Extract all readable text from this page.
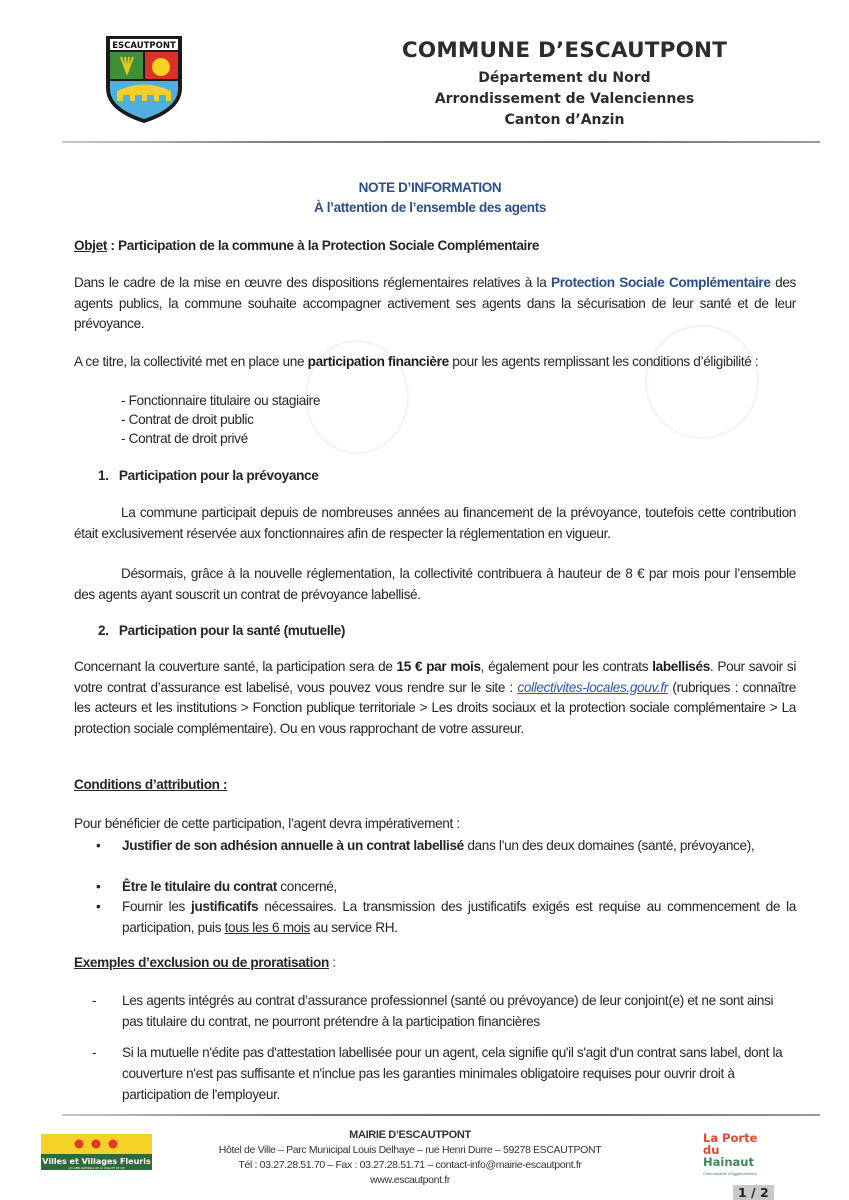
ESCAUTPONT	COMMUNE D’ESCAUTPONT
Département du Nord
Arrondissement de Valenciennes
Canton d’Anzin
NOTE D’INFORMATION
À l’attention de l’ensemble des agents
Objet : Participation de la commune à la Protection Sociale Complémentaire
Dans le cadre de la mise en œuvre des dispositions réglementaires relatives à la Protection Sociale Complémentaire des agents publics, la commune souhaite accompagner activement ses agents dans la sécurisation de leur santé et de leur prévoyance.
A ce titre, la collectivité met en place une participation financière pour les agents remplissant les conditions d’éligibilité :
- Fonctionnaire titulaire ou stagiaire
- Contrat de droit public
- Contrat de droit privé
1.   Participation pour la prévoyance
La commune participait depuis de nombreuses années au financement de la prévoyance, toutefois cette contribution était exclusivement réservée aux fonctionnaires afin de respecter la réglementation en vigueur.
Désormais, grâce à la nouvelle réglementation, la collectivité contribuera à hauteur de 8 € par mois pour l’ensemble des agents ayant souscrit un contrat de prévoyance labellisé.
2.   Participation pour la santé (mutuelle)
Concernant la couverture santé, la participation sera de 15 € par mois, également pour les contrats labellisés. Pour savoir si votre contrat d’assurance est labelisé, vous pouvez vous rendre sur le site : collectivites-locales.gouv.fr (rubriques : connaître les acteurs et les institutions > Fonction publique territoriale > Les droits sociaux et la protection sociale complémentaire > La protection sociale complémentaire). Ou en vous rapprochant de votre assureur.
Conditions d’attribution :
Pour bénéficier de cette participation, l’agent devra impérativement :
• Justifier de son adhésion annuelle à un contrat labellisé dans l’un des deux domaines (santé, prévoyance),
• Être le titulaire du contrat concerné,
• Fournir les justificatifs nécessaires. La transmission des justificatifs exigés est requise au commencement de la participation, puis tous les 6 mois au service RH.
Exemples d’exclusion ou de proratisation :
- Les agents intégrés au contrat d’assurance professionnel (santé ou prévoyance) de leur conjoint(e) et ne sont ainsi pas titulaire du contrat, ne pourront prétendre à la participation financières
- Si la mutuelle n'édite pas d'attestation labellisée pour un agent, cela signifie qu'il s'agit d'un contrat sans label, dont la couverture n'est pas suffisante et n'inclue pas les garanties minimales obligatoire requises pour ouvrir droit à participation de l'employeur.
Villes et Villages Fleuris
LE LABEL NATIONAL DE LA QUALITÉ DE VIE
MAIRIE D’ESCAUTPONT
Hôtel de Ville – Parc Municipal Louis Delhaye – rue Henri Durre – 59278 ESCAUTPONT
Tél : 03.27.28.51.70 – Fax : 03.27.28.51.71 – contact-info@mairie-escautpont.fr
www.escautpont.fr
La Porte
du Hainaut
Communauté d'Agglomération
1 / 2
